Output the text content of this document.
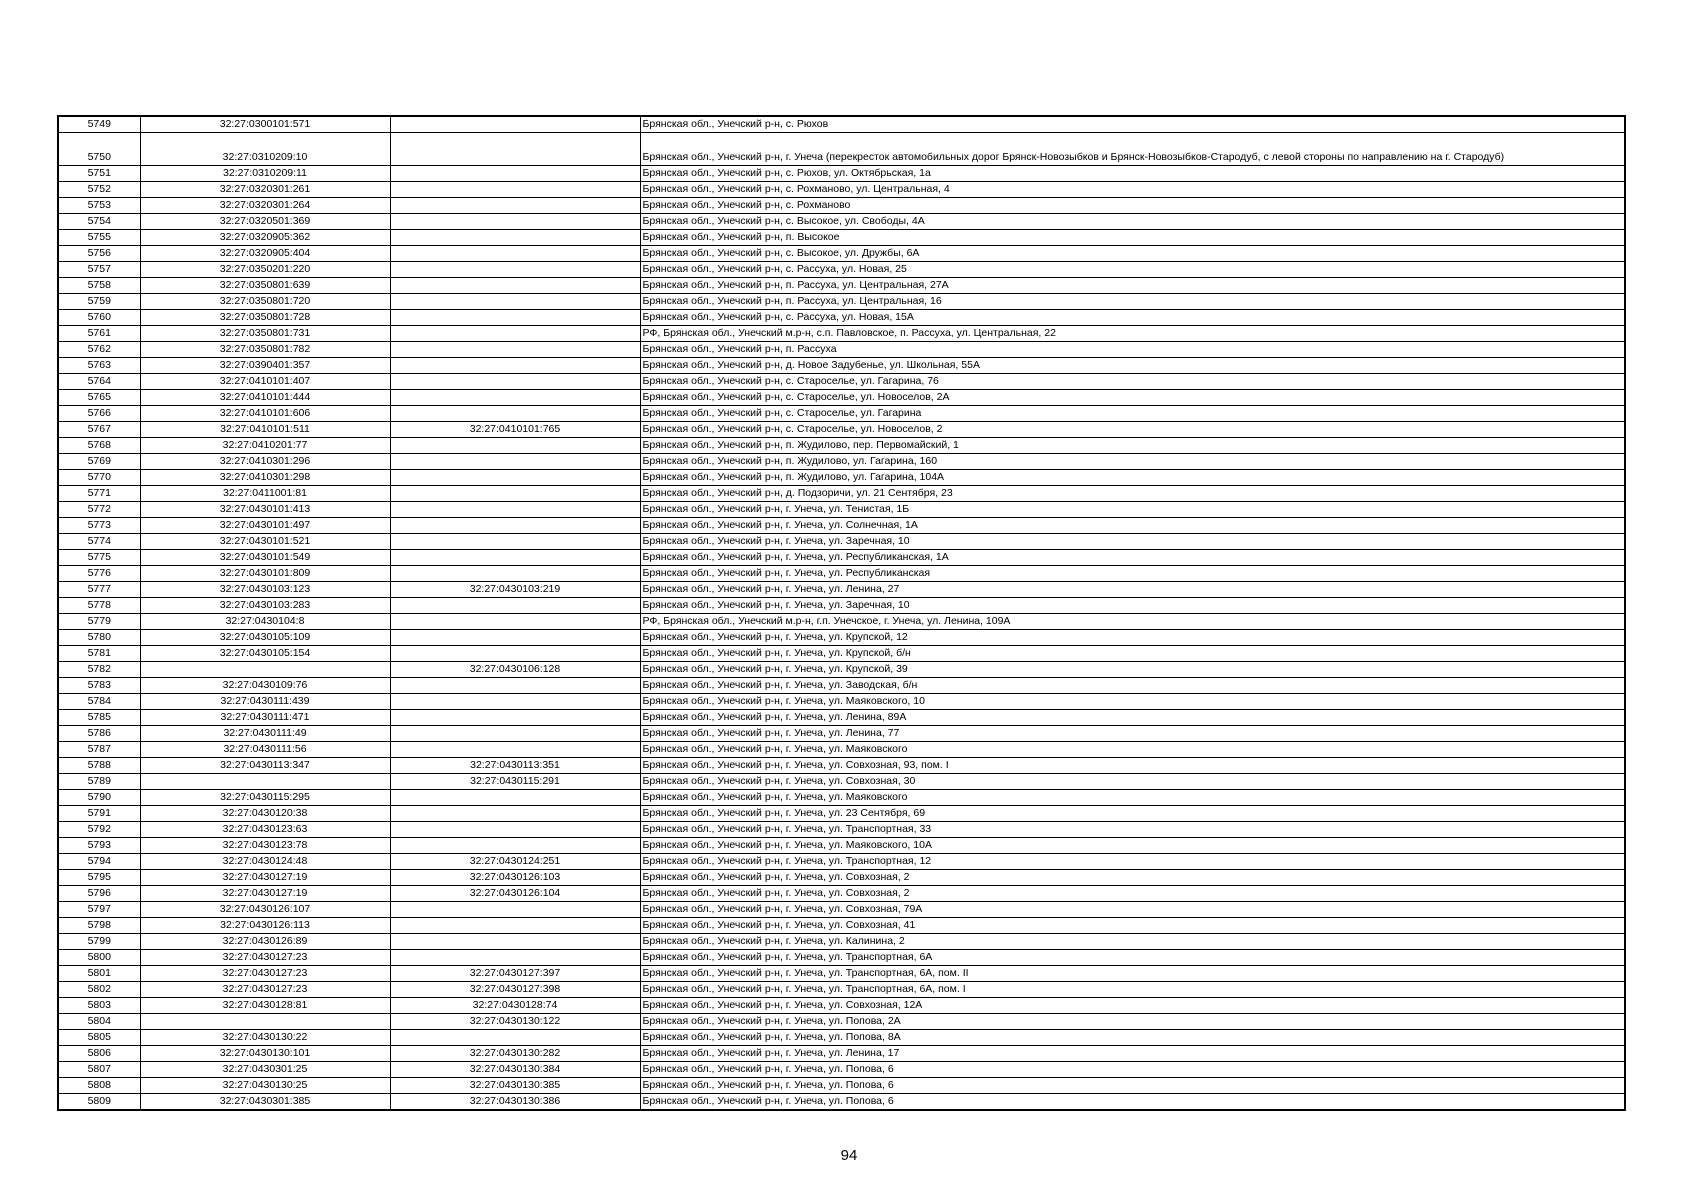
5749	32:27:0300101:571		Брянская обл., Унечский р-н, с. Рюхов
5750	32:27:0310209:10		Брянская обл., Унечский р-н, г. Унеча (перекресток автомобильных дорог Брянск-Новозыбков и Брянск-Новозыбков-Стародуб, с левой стороны по направлению на г. Стародуб)
5751	32:27:0310209:11		Брянская обл., Унечский р-н, с. Рюхов, ул. Октябрьская, 1а
5752	32:27:0320301:261		Брянская обл., Унечский р-н, с. Рохманово, ул. Центральная, 4
5753	32:27:0320301:264		Брянская обл., Унечский р-н, с. Рохманово
5754	32:27:0320501:369		Брянская обл., Унечский р-н, с. Высокое, ул. Свободы, 4А
5755	32:27:0320905:362		Брянская обл., Унечский р-н, п. Высокое
5756	32:27:0320905:404		Брянская обл., Унечский р-н, с. Высокое, ул. Дружбы, 6А
5757	32:27:0350201:220		Брянская обл., Унечский р-н, с. Рассуха, ул. Новая, 25
5758	32:27:0350801:639		Брянская обл., Унечский р-н, п. Рассуха, ул. Центральная, 27А
5759	32:27:0350801:720		Брянская обл., Унечский р-н, п. Рассуха, ул. Центральная, 16
5760	32:27:0350801:728		Брянская обл., Унечский р-н, с. Рассуха, ул. Новая, 15А
5761	32:27:0350801:731		РФ, Брянская обл., Унечский м.р-н, с.п. Павловское, п. Рассуха, ул. Центральная, 22
5762	32:27:0350801:782		Брянская обл., Унечский р-н, п. Рассуха
5763	32:27:0390401:357		Брянская обл., Унечский р-н, д. Новое Задубенье, ул. Школьная, 55А
5764	32:27:0410101:407		Брянская обл., Унечский р-н, с. Староселье, ул. Гагарина, 76
5765	32:27:0410101:444		Брянская обл., Унечский р-н, с. Староселье, ул. Новоселов, 2А
5766	32:27:0410101:606		Брянская обл., Унечский р-н, с. Староселье, ул. Гагарина
5767	32:27:0410101:511	32:27:0410101:765	Брянская обл., Унечский р-н, с. Староселье, ул. Новоселов, 2
5768	32:27:0410201:77		Брянская обл., Унечский р-н, п. Жудилово, пер. Первомайский, 1
5769	32:27:0410301:296		Брянская обл., Унечский р-н, п. Жудилово, ул. Гагарина, 160
5770	32:27:0410301:298		Брянская обл., Унечский р-н, п. Жудилово, ул. Гагарина, 104А
5771	32:27:0411001:81		Брянская обл., Унечский р-н, д. Подзоричи, ул. 21 Сентября, 23
5772	32:27:0430101:413		Брянская обл., Унечский р-н, г. Унеча, ул. Тенистая, 1Б
5773	32:27:0430101:497		Брянская обл., Унечский р-н, г. Унеча, ул. Солнечная, 1А
5774	32:27:0430101:521		Брянская обл., Унечский р-н, г. Унеча, ул. Заречная, 10
5775	32:27:0430101:549		Брянская обл., Унечский р-н, г. Унеча, ул. Республиканская, 1А
5776	32:27:0430101:809		Брянская обл., Унечский р-н, г. Унеча, ул. Республиканская
5777	32:27:0430103:123	32:27:0430103:219	Брянская обл., Унечский р-н, г. Унеча, ул. Ленина, 27
5778	32:27:0430103:283		Брянская обл., Унечский р-н, г. Унеча, ул. Заречная, 10
5779	32:27:0430104:8		РФ, Брянская обл., Унечский м.р-н, г.п. Унечское, г. Унеча, ул. Ленина, 109А
5780	32:27:0430105:109		Брянская обл., Унечский р-н, г. Унеча, ул. Крупской, 12
5781	32:27:0430105:154		Брянская обл., Унечский р-н, г. Унеча, ул. Крупской, б/н
5782		32:27:0430106:128	Брянская обл., Унечский р-н, г. Унеча, ул. Крупской, 39
5783	32:27:0430109:76		Брянская обл., Унечский р-н, г. Унеча, ул. Заводская, б/н
5784	32:27:0430111:439		Брянская обл., Унечский р-н, г. Унеча, ул. Маяковского, 10
5785	32:27:0430111:471		Брянская обл., Унечский р-н, г. Унеча, ул. Ленина, 89А
5786	32:27:0430111:49		Брянская обл., Унечский р-н, г. Унеча, ул. Ленина, 77
5787	32:27:0430111:56		Брянская обл., Унечский р-н, г. Унеча, ул. Маяковского
5788	32:27:0430113:347	32:27:0430113:351	Брянская обл., Унечский р-н, г. Унеча, ул. Совхозная, 93, пом. I
5789		32:27:0430115:291	Брянская обл., Унечский р-н, г. Унеча, ул. Совхозная, 30
5790	32:27:0430115:295		Брянская обл., Унечский р-н, г. Унеча, ул. Маяковского
5791	32:27:0430120:38		Брянская обл., Унечский р-н, г. Унеча, ул. 23 Сентября, 69
5792	32:27:0430123:63		Брянская обл., Унечский р-н, г. Унеча, ул. Транспортная, 33
5793	32:27:0430123:78		Брянская обл., Унечский р-н, г. Унеча, ул. Маяковского, 10А
5794	32:27:0430124:48	32:27:0430124:251	Брянская обл., Унечский р-н, г. Унеча, ул. Транспортная, 12
5795	32:27:0430127:19	32:27:0430126:103	Брянская обл., Унечский р-н, г. Унеча, ул. Совхозная, 2
5796	32:27:0430127:19	32:27:0430126:104	Брянская обл., Унечский р-н, г. Унеча, ул. Совхозная, 2
5797	32:27:0430126:107		Брянская обл., Унечский р-н, г. Унеча, ул. Совхозная, 79А
5798	32:27:0430126:113		Брянская обл., Унечский р-н, г. Унеча, ул. Совхозная, 41
5799	32:27:0430126:89		Брянская обл., Унечский р-н, г. Унеча, ул. Калинина, 2
5800	32:27:0430127:23		Брянская обл., Унечский р-н, г. Унеча, ул. Транспортная, 6А
5801	32:27:0430127:23	32:27:0430127:397	Брянская обл., Унечский р-н, г. Унеча, ул. Транспортная, 6А, пом. II
5802	32:27:0430127:23	32:27:0430127:398	Брянская обл., Унечский р-н, г. Унеча, ул. Транспортная, 6А, пом. I
5803	32:27:0430128:81	32:27:0430128:74	Брянская обл., Унечский р-н, г. Унеча, ул. Совхозная, 12А
5804		32:27:0430130:122	Брянская обл., Унечский р-н, г. Унеча, ул. Попова, 2А
5805	32:27:0430130:22		Брянская обл., Унечский р-н, г. Унеча, ул. Попова, 8А
5806	32:27:0430130:101	32:27:0430130:282	Брянская обл., Унечский р-н, г. Унеча, ул. Ленина, 17
5807	32:27:0430301:25	32:27:0430130:384	Брянская обл., Унечский р-н, г. Унеча, ул. Попова, 6
5808	32:27:0430130:25	32:27:0430130:385	Брянская обл., Унечский р-н, г. Унеча, ул. Попова, 6
5809	32:27:0430301:385	32:27:0430130:386	Брянская обл., Унечский р-н, г. Унеча, ул. Попова, 6
94
